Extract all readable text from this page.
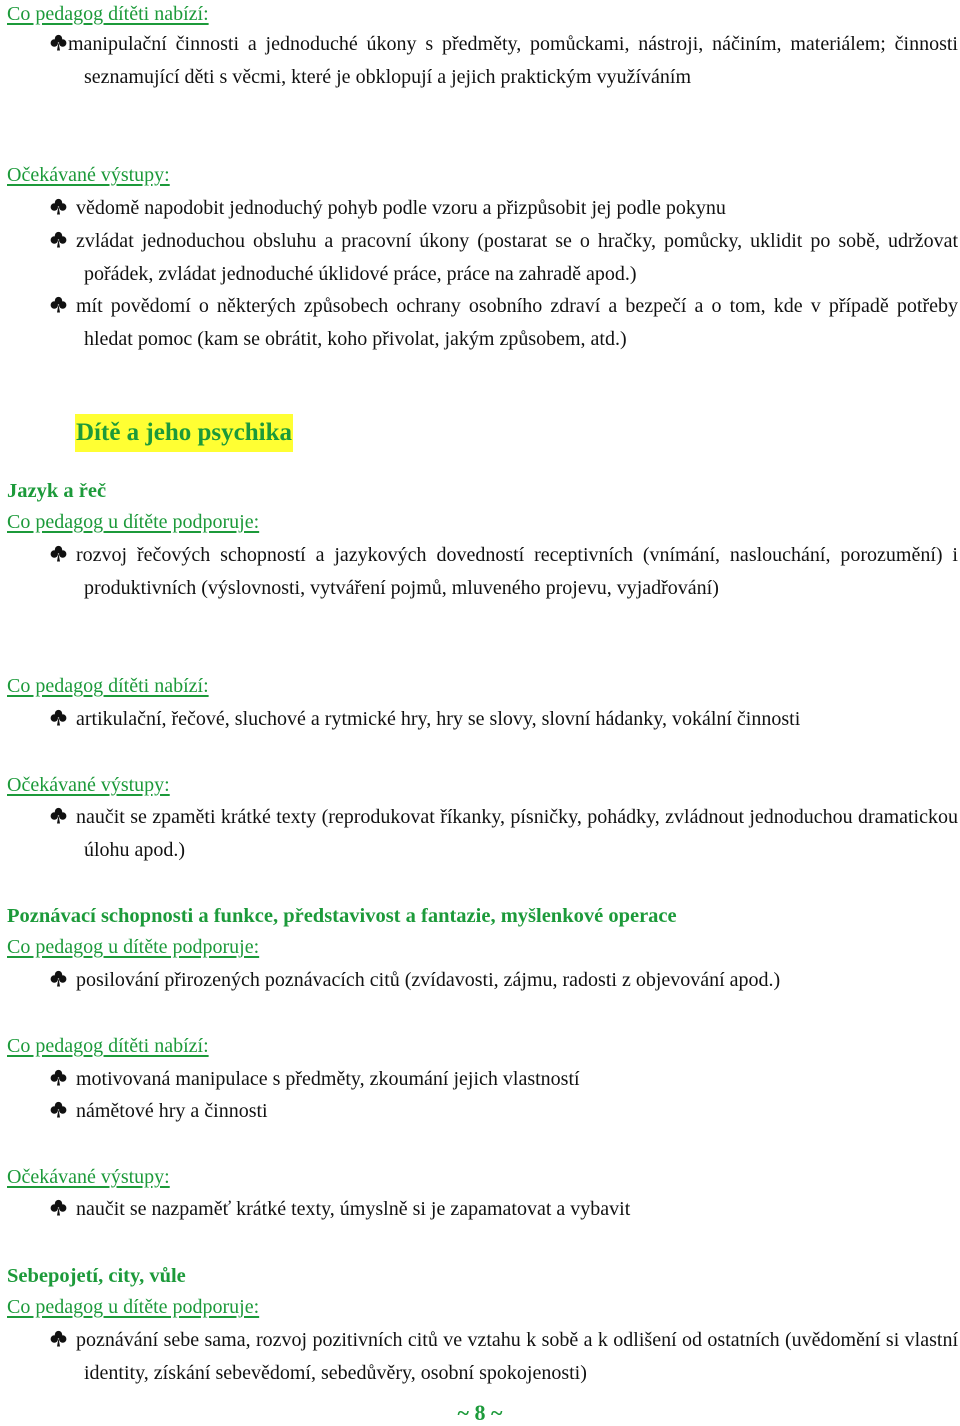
Co pedagog dítěti nabízí:

manipulační činnosti a jednoduché úkony s předměty, pomůckami, nástroji, náčiním, materiálem; činnosti seznamující děti s věcmi, které je obklopují a jejich praktickým využíváním

Očekávané výstupy:

vědomě napodobit jednoduchý pohyb podle vzoru a přizpůsobit jej podle pokynu

zvládat jednoduchou obsluhu a pracovní úkony (postarat se o hračky, pomůcky, uklidit po sobě, udržovat pořádek, zvládat jednoduché úklidové práce, práce na zahradě apod.)

mít povědomí o některých způsobech ochrany osobního zdraví a bezpečí a o tom, kde v případě potřeby hledat pomoc (kam se obrátit, koho přivolat, jakým způsobem, atd.)

Dítě a jeho psychika

Jazyk a řeč

Co pedagog u dítěte podporuje:

rozvoj řečových schopností a jazykových dovedností receptivních (vnímání, naslouchání, porozumění) i produktivních (výslovnosti, vytváření pojmů, mluveného projevu, vyjadřování)

Co pedagog dítěti nabízí:

artikulační, řečové, sluchové a rytmické hry, hry se slovy, slovní hádanky, vokální činnosti

Očekávané výstupy:

naučit se zpaměti krátké texty (reprodukovat říkanky, písničky, pohádky, zvládnout jednoduchou dramatickou úlohu apod.)

Poznávací schopnosti a funkce, představivost a fantazie, myšlenkové operace

Co pedagog u dítěte podporuje:

posilování přirozených poznávacích citů (zvídavosti, zájmu, radosti z objevování apod.)

Co pedagog dítěti nabízí:

motivovaná manipulace s předměty, zkoumání jejich vlastností

námětové hry a činnosti

Očekávané výstupy:

naučit se nazpaměť krátké texty, úmyslně si je zapamatovat a vybavit

Sebepojetí, city, vůle

Co pedagog u dítěte podporuje:

poznávání sebe sama, rozvoj pozitivních citů ve vztahu k sobě a k odlišení od ostatních (uvědomění si vlastní identity, získání sebevědomí, sebedůvěry, osobní spokojenosti)

~ 8 ~
